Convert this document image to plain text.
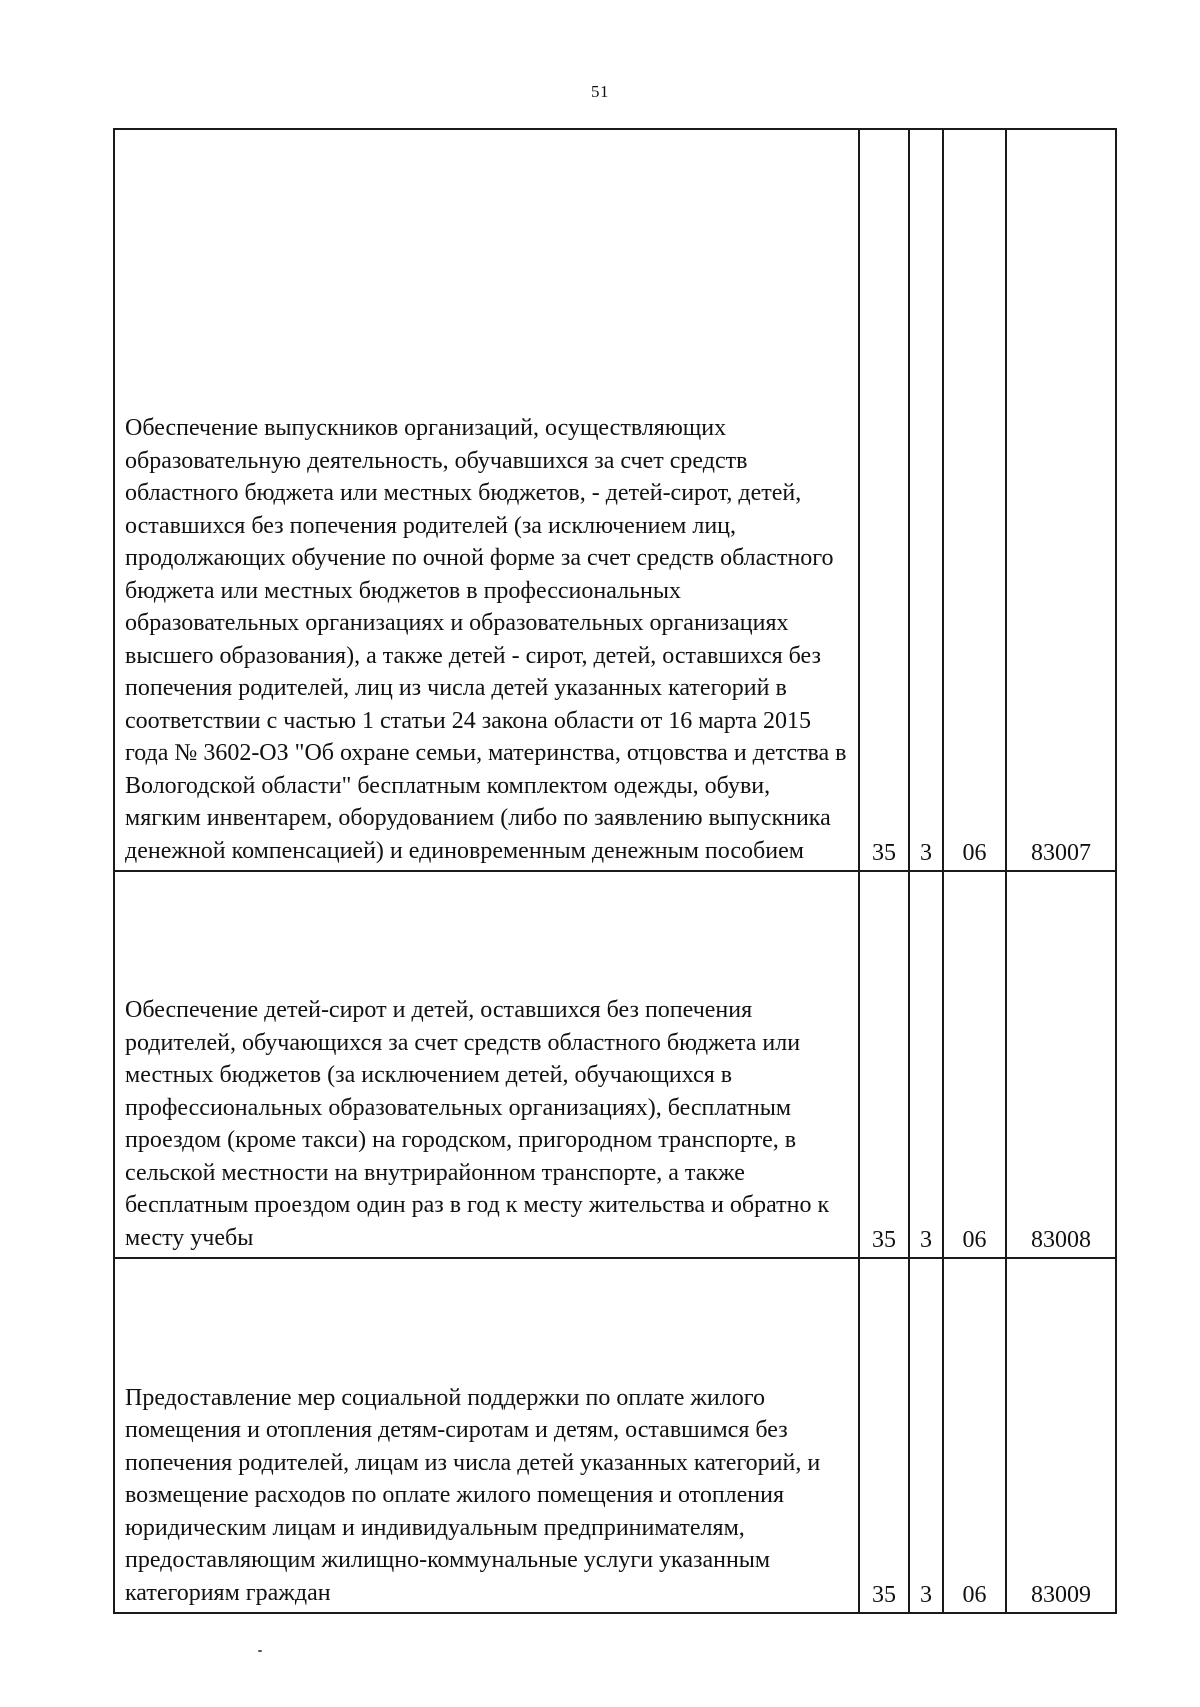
51
Обеспечение выпускников организаций, осуществляющих образовательную деятельность, обучавшихся за счет средств областного бюджета или местных бюджетов, - детей-сирот, детей, оставшихся без попечения родителей (за исключением лиц, продолжающих обучение по очной форме за счет средств областного бюджета или местных бюджетов в профессиональных образовательных организациях и образовательных организациях высшего образования), а также детей - сирот, детей, оставшихся без попечения родителей, лиц из числа детей указанных категорий в соответствии с частью 1 статьи 24 закона области от 16 марта 2015 года № 3602-ОЗ "Об охране семьи, материнства, отцовства и детства в Вологодской области" бесплатным комплектом одежды, обуви, мягким инвентарем, оборудованием (либо по заявлению выпускника денежной компенсацией) и единовременным денежным пособием	35	3	06	83007
Обеспечение детей-сирот и детей, оставшихся без попечения родителей, обучающихся за счет средств областного бюджета или местных бюджетов (за исключением детей, обучающихся в профессиональных образовательных организациях), бесплатным проездом (кроме такси) на городском, пригородном транспорте, в сельской местности на внутрирайонном транспорте, а также бесплатным проездом один раз в год к месту жительства и обратно к месту учебы	35	3	06	83008
Предоставление мер социальной поддержки по оплате жилого помещения и отопления детям-сиротам и детям, оставшимся без попечения родителей, лицам из числа детей указанных категорий, и возмещение расходов по оплате жилого помещения и отопления юридическим лицам и индивидуальным предпринимателям, предоставляющим жилищно-коммунальные услуги указанным категориям граждан	35	3	06	83009
